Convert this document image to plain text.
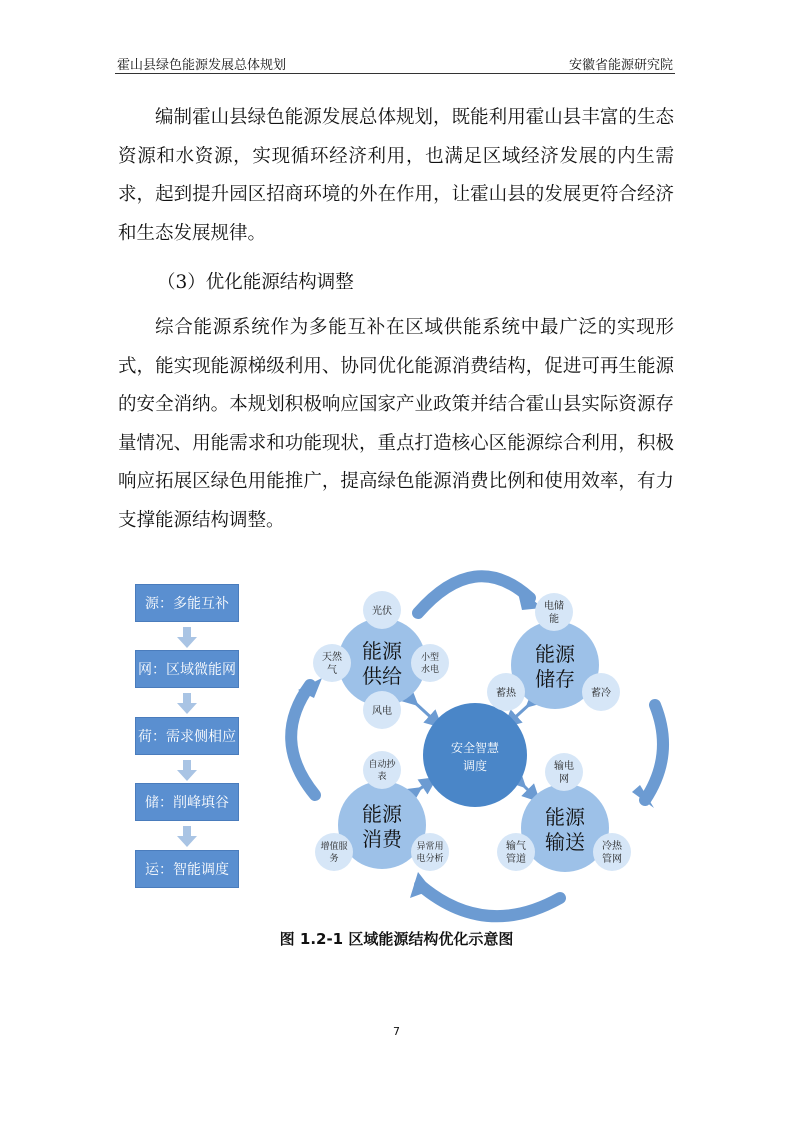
霍山县绿色能源发展总体规划	安徽省能源研究院

编制霍山县绿色能源发展总体规划，既能利用霍山县丰富的生态资源和水资源，实现循环经济利用，也满足区域经济发展的内生需求，起到提升园区招商环境的外在作用，让霍山县的发展更符合经济和生态发展规律。

（3）优化能源结构调整

综合能源系统作为多能互补在区域供能系统中最广泛的实现形式，能实现能源梯级利用、协同优化能源消费结构，促进可再生能源的安全消纳。本规划积极响应国家产业政策并结合霍山县实际资源存量情况、用能需求和功能现状，重点打造核心区能源综合利用，积极响应拓展区绿色用能推广，提高绿色能源消费比例和使用效率，有力支撑能源结构调整。

源：多能互补
网：区域微能网
荷：需求侧相应
储：削峰填谷
运：智能调度
安全智慧
调度
能源
供给
光伏
天然
气
小型
水电
风电
能源
储存
电储
能
蓄热	蓄冷
能源
消费
自动抄
表
增值服
务
异常用
电分析
能源
输送
输电
网
输气
管道
冷热
管网
图 1.2-1 区域能源结构优化示意图
7
